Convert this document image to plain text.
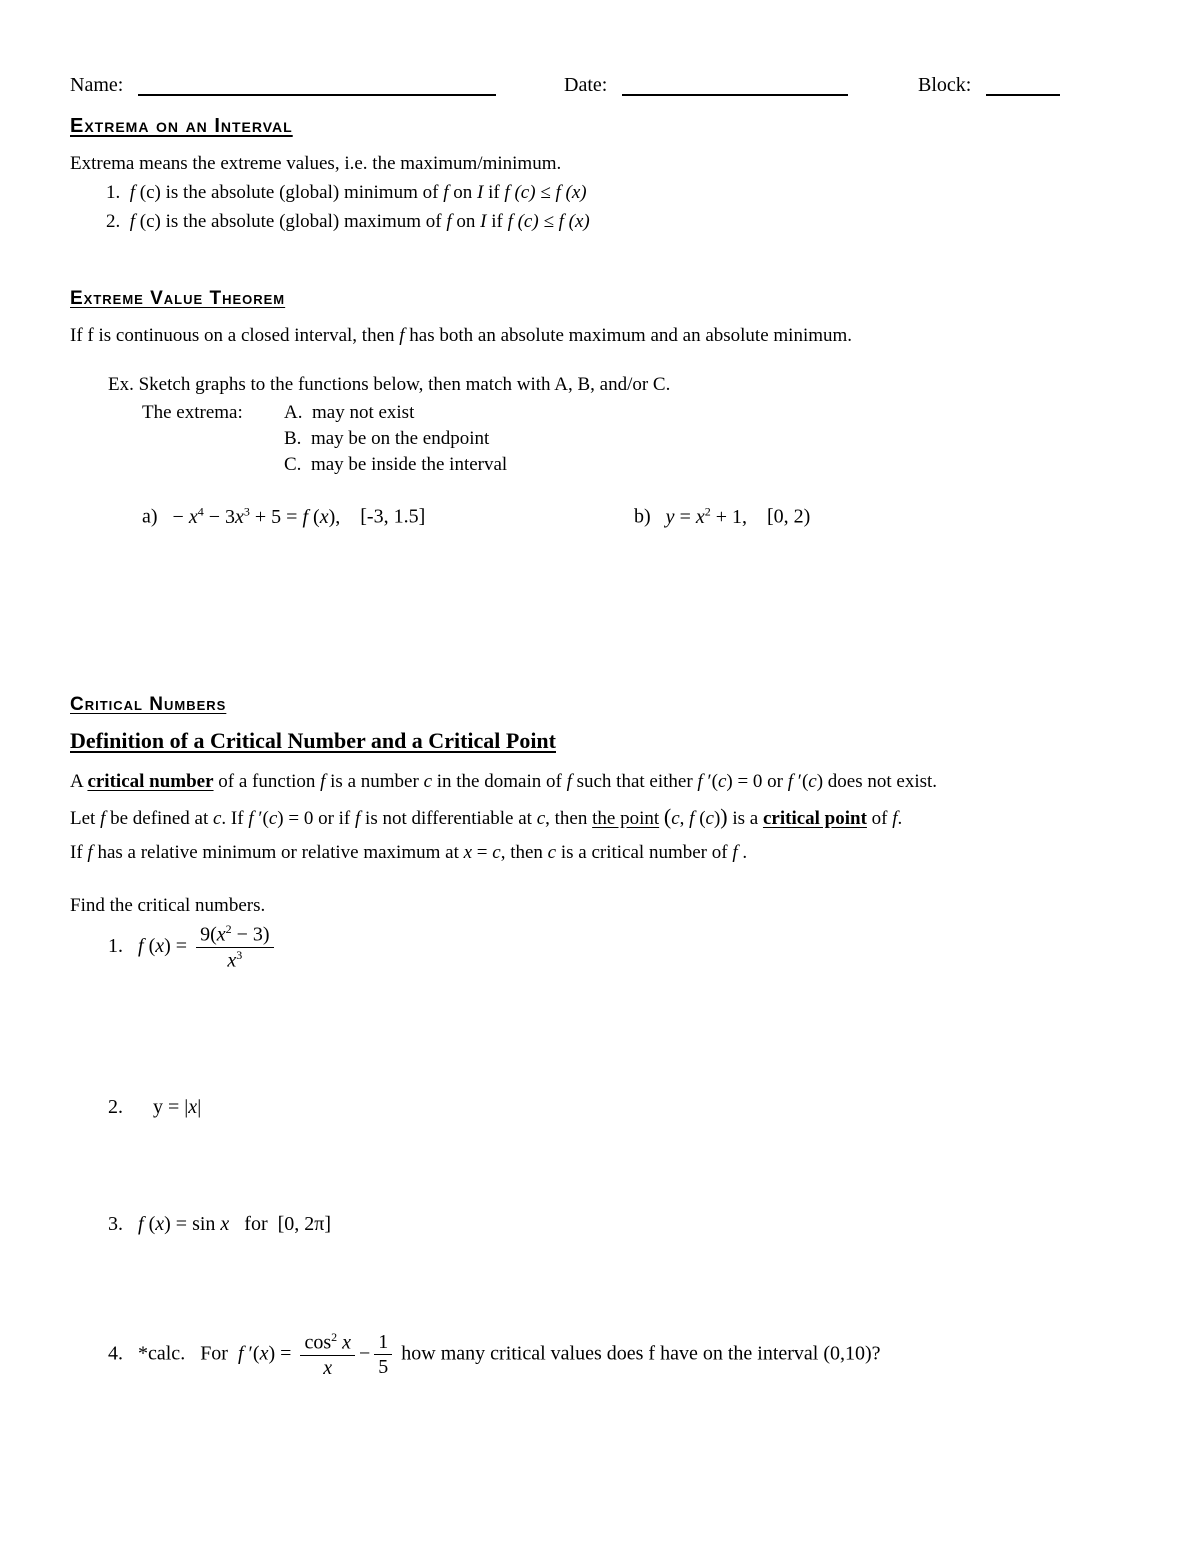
Name:	Date:	Block:
Extrema on an Interval
Extrema means the extreme values, i.e. the maximum/minimum.
1. f (c) is the absolute (global) minimum of f on I if f (c) ≤ f (x)
2. f (c) is the absolute (global) maximum of f on I if f (c) ≤ f (x)
Extreme Value Theorem
If f is continuous on a closed interval, then f has both an absolute maximum and an absolute minimum.
Ex. Sketch graphs to the functions below, then match with A, B, and/or C.
The extrema: A. may not exist
B. may be on the endpoint
C. may be inside the interval
$a) - x^4 - 3x^3 + 5 = f$ (x), [-3, 1.5]	b) $y = x^2 + 1$, [0, 2)
Critical Numbers
Definition of a Critical Number and a Critical Point
A critical number of a function f is a number c in the domain of f such that either f ′(c) = 0 or f ′(c) does not exist.
Let f be defined at c. If f ′(c) = 0 or if f is not differentiable at c, then the point (c, f (c)) is a critical point of f.
If f has a relative minimum or relative maximum at x = c, then c is a critical number of f .
Find the critical numbers.
1. f $(x) = \frac{9(x^2 - 3)}{x^3}$
2. y = |x|
3. f (x) = sin x for [0, 2π]
4. *calc. For f $'(x) = \frac{\cos^2 x}{x} - \frac{1}{5}$ how many critical values does f have on the interval (0,10)?
